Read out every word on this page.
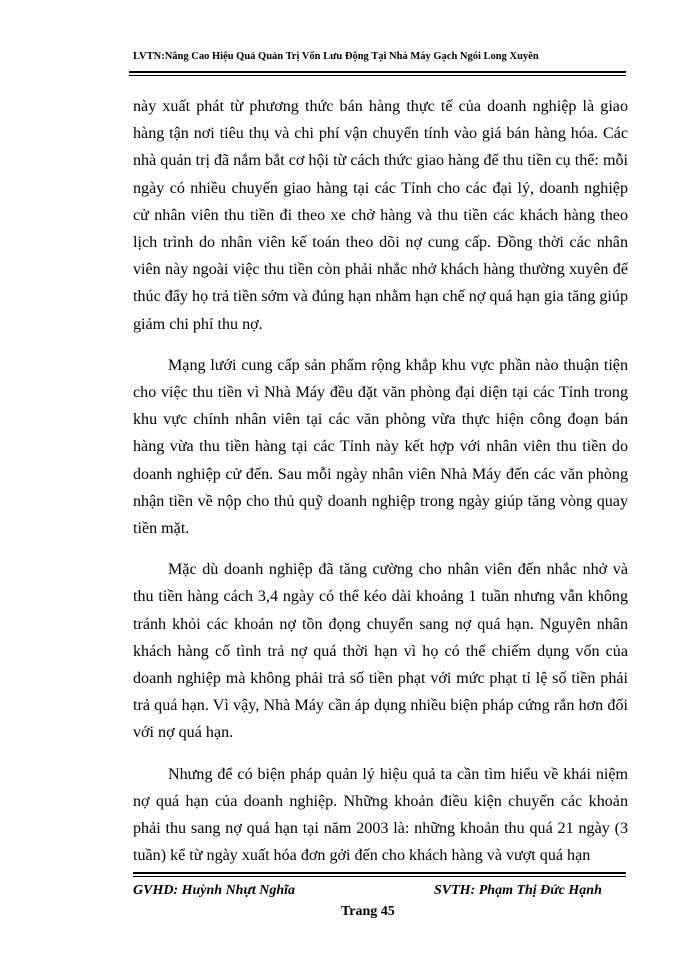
LVTN:Nâng Cao Hiệu Quả Quản Trị Vốn Lưu Động Tại Nhà Máy Gạch Ngói Long Xuyên

này xuất phát từ phương thức bán hàng thực tế của doanh nghiệp là giao hàng tận nơi tiêu thụ và chi phí vận chuyển tính vào giá bán hàng hóa. Các nhà quản trị đã nắm bắt cơ hội từ cách thức giao hàng để thu tiền cụ thể: mỗi ngày có nhiều chuyến giao hàng tại các Tỉnh cho các đại lý, doanh nghiệp cử nhân viên thu tiền đi theo xe chở hàng và thu tiền các khách hàng theo lịch trình do nhân viên kế toán theo dõi nợ cung cấp. Đồng thời các nhân viên này ngoài việc thu tiền còn phải nhắc nhở khách hàng thường xuyên để thúc đẩy họ trả tiền sớm và đúng hạn nhằm hạn chế nợ quá hạn gia tăng giúp giảm chi phí thu nợ.

Mạng lưới cung cấp sản phẩm rộng khắp khu vực phần nào thuận tiện cho việc thu tiền vì Nhà Máy đều đặt văn phòng đại diện tại các Tỉnh trong khu vực chính nhân viên tại các văn phòng vừa thực hiện công đoạn bán hàng vừa thu tiền hàng tại các Tỉnh này kết hợp với nhân viên thu tiền do doanh nghiệp cử đến. Sau mỗi ngày nhân viên Nhà Máy đến các văn phòng nhận tiền về nộp cho thủ quỹ doanh nghiệp trong ngày giúp tăng vòng quay tiền mặt.

Mặc dù doanh nghiệp đã tăng cường cho nhân viên đến nhắc nhở và thu tiền hàng cách 3,4 ngày có thể kéo dài khoảng 1 tuần nhưng vẫn không tránh khỏi các khoản nợ tồn đọng chuyển sang nợ quá hạn. Nguyên nhân khách hàng cố tình trả nợ quá thời hạn vì họ có thể chiếm dụng vốn của doanh nghiệp mà không phải trả số tiền phạt với mức phạt tỉ lệ số tiền phải trả quá hạn. Vì vậy, Nhà Máy cần áp dụng nhiều biện pháp cứng rắn hơn đối với nợ quá hạn.

Nhưng để có biện pháp quản lý hiệu quả ta cần tìm hiểu về khái niệm nợ quá hạn của doanh nghiệp. Những khoản điều kiện chuyển các khoản phải thu sang nợ quá hạn tại năm 2003 là: những khoản thu quá 21 ngày (3 tuần) kể từ ngày xuất hóa đơn gởi đến cho khách hàng và vượt quá hạn

GVHD: Huỳnh Nhựt Nghĩa	SVTH: Phạm Thị Đức Hạnh
Trang 45
